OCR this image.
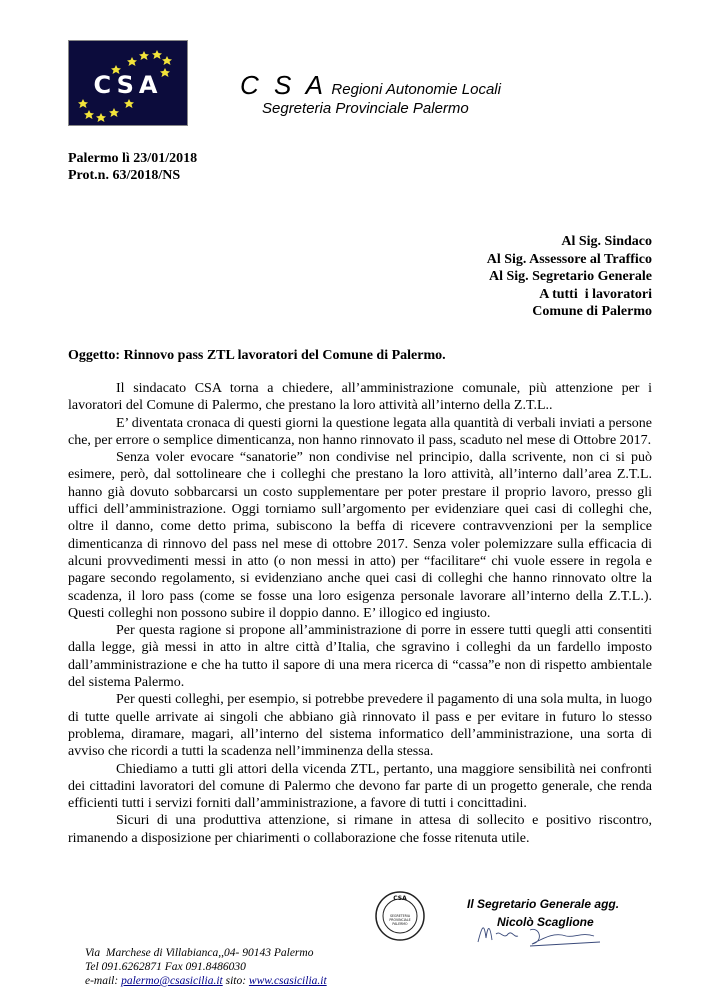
CSA	C S A Regioni Autonomie Locali
Segreteria Provinciale Palermo
Palermo lì 23/01/2018
Prot.n. 63/2018/NS
Al Sig. Sindaco
Al Sig. Assessore al Traffico
Al Sig. Segretario Generale
A tutti  i lavoratori
Comune di Palermo
Oggetto: Rinnovo pass ZTL lavoratori del Comune di Palermo.

Il sindacato CSA torna a chiedere, all’amministrazione comunale, più attenzione per i lavoratori del Comune di Palermo, che prestano la loro attività all’interno della Z.T.L..

E’ diventata cronaca di questi giorni la questione legata alla quantità di verbali inviati a persone che, per errore o semplice dimenticanza, non hanno rinnovato il pass, scaduto nel mese di Ottobre 2017.

Senza voler evocare “sanatorie” non condivise nel principio, dalla scrivente, non ci si può esimere, però, dal sottolineare che i colleghi che prestano la loro attività, all’interno dall’area Z.T.L. hanno già dovuto sobbarcarsi un costo supplementare per poter prestare il proprio lavoro, presso gli uffici dell’amministrazione. Oggi torniamo sull’argomento per evidenziare quei casi di colleghi che, oltre il danno, come detto prima, subiscono la beffa di ricevere contravvenzioni per la semplice dimenticanza di rinnovo del pass nel mese di ottobre 2017. Senza voler polemizzare sulla efficacia di alcuni provvedimenti messi in atto (o non messi in atto) per “facilitare“ chi vuole essere in regola e pagare secondo regolamento, si evidenziano anche quei casi di colleghi che hanno rinnovato oltre la scadenza, il loro pass (come se fosse una loro esigenza personale lavorare all’interno della Z.T.L.). Questi colleghi non possono subire il doppio danno. E’ illogico ed ingiusto.

Per questa ragione si propone all’amministrazione di porre in essere tutti quegli atti consentiti dalla legge, già messi in atto in altre città d’Italia, che sgravino i colleghi da un fardello imposto dall’amministrazione e che ha tutto il sapore di una mera ricerca di “cassa”e non di rispetto ambientale del sistema Palermo.

Per questi colleghi, per esempio, si potrebbe prevedere il pagamento di una sola multa, in luogo di tutte quelle arrivate ai singoli che abbiano già rinnovato il pass e per evitare in futuro lo stesso problema, diramare, magari, all’interno del sistema informatico dell’amministrazione, una sorta di avviso che ricordi a tutti la scadenza nell’imminenza della stessa.

Chiediamo a tutti gli attori della vicenda ZTL, pertanto, una maggiore sensibilità nei confronti dei cittadini lavoratori del comune di Palermo che devono far parte di un progetto generale, che renda efficienti tutti i servizi forniti dall’amministrazione, a favore di tutti i concittadini.

Sicuri di una produttiva attenzione, si rimane in attesa di sollecito e positivo riscontro, rimanendo a disposizione per chiarimenti o collaborazione che fosse ritenuta utile.

CSA
SEGRETERIA
PROVINCIALE
PALERMO
Il Segretario Generale agg.
Nicolò Scaglione
Via  Marchese di Villabianca,,04- 90143 Palermo
Tel 091.6262871 Fax 091.8486030
e-mail: palermo@csasicilia.it sito: www.csasicilia.it
